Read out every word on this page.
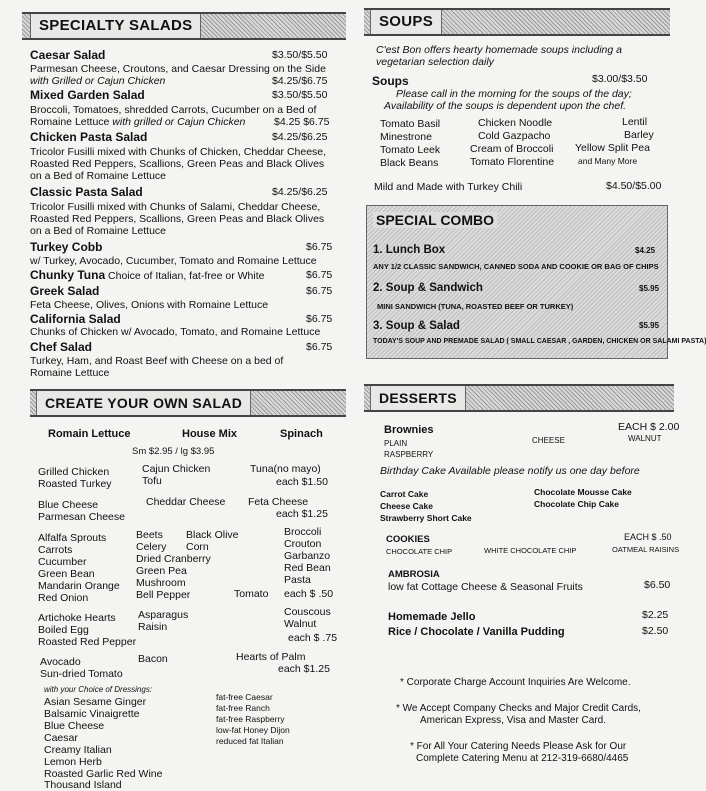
SPECIALTY SALADS
Caesar Salad	$3.50/$5.50
Parmesan Cheese, Croutons, and Caesar Dressing on the Side
with Grilled or Cajun Chicken	$4.25/$6.75
Mixed Garden Salad	$3.50/$5.50
Broccoli, Tomatoes, shredded Carrots, Cucumber on a Bed of
Romaine Lettuce with grilled or Cajun Chicken	$4.25 $6.75
Chicken Pasta Salad	$4.25/$6.25
Tricolor Fusilli mixed with Chunks of Chicken, Cheddar Cheese,
Roasted Red Peppers, Scallions, Green Peas and Black Olives
on a Bed of Romaine Lettuce
Classic Pasta Salad	$4.25/$6.25
Tricolor Fusilli mixed with Chunks of Salami, Cheddar Cheese,
Roasted Red Peppers, Scallions, Green Peas and Black Olives
on a Bed of Romaine Lettuce
Turkey Cobb	$6.75
w/ Turkey, Avocado, Cucumber, Tomato and Romaine Lettuce
Chunky Tuna Choice of Italian, fat-free or White	$6.75
Greek Salad	$6.75
Feta Cheese, Olives, Onions with Romaine Lettuce
California Salad	$6.75
Chunks of Chicken w/ Avocado, Tomato, and Romaine Lettuce
Chef Salad	$6.75
Turkey, Ham, and Roast Beef with Cheese on a bed of
Romaine Lettuce
CREATE YOUR OWN SALAD
Romain Lettuce	House Mix	Spinach
Sm $2.95 / lg $3.95
Grilled Chicken
Roasted Turkey
Cajun Chicken
Tofu
Tuna(no mayo)
each $1.50
Blue Cheese
Parmesan Cheese
Cheddar Cheese Feta Cheese
each $1.25
Alfalfa Sprouts
Carrots
Cucumber
Green Bean
Mandarin Orange
Red Onion
Beets
Celery
Dried Cranberry
Green Pea
Mushroom
Bell Pepper
Black Olive
Corn
Broccoli
Crouton
Garbanzo
Red Bean
Pasta
Tomato each $ .50
Artichoke Hearts
Boiled Egg
Roasted Red Pepper
Asparagus
Raisin
Couscous
Walnut
each $ .75
Avocado
Sun-dried Tomato
Bacon	Hearts of Palm
each $1.25
with your Choice of Dressings:
Asian Sesame Ginger
Balsamic Vinaigrette
Blue Cheese
Caesar
Creamy Italian
Lemon Herb
Roasted Garlic Red Wine
Thousand Island
fat-free Caesar
fat-free Ranch
fat-free Raspberry
low-fat Honey Dijon
reduced fat Italian
SOUPS
C'est Bon offers hearty homemade soups including a
vegetarian selection daily
Soups	$3.00/$3.50
Please call in the morning for the soups of the day;
Availability of the soups is dependent upon the chef.
Tomato Basil
Minestrone
Tomato Leek
Black Beans
Chicken Noodle
Cold Gazpacho
Cream of Broccoli
Tomato Florentine
Lentil
Barley
Yellow Split Pea
and Many More
Mild and Made with Turkey Chili	$4.50/$5.00
SPECIAL COMBO
1. Lunch Box	$4.25
ANY 1/2 CLASSIC SANDWICH, CANNED SODA AND COOKIE OR BAG OF CHIPS
2. Soup & Sandwich	$5.95
MINI SANDWICH (TUNA, ROASTED BEEF OR TURKEY)
3. Soup & Salad	$5.95
TODAY'S SOUP AND PREMADE SALAD ( SMALL CAESAR , GARDEN, CHICKEN OR SALAMI PASTA)
DESSERTS
Brownies	EACH $ 2.00
PLAIN	CHEESE	WALNUT
RASPBERRY
Birthday Cake Available please notify us one day before
Carrot Cake
Cheese Cake
Strawberry Short Cake
Chocolate Mousse Cake
Chocolate Chip Cake
COOKIES	EACH $ .50
CHOCOLATE CHIP	WHITE CHOCOLATE CHIP	OATMEAL RAISINS
AMBROSIA
low fat Cottage Cheese & Seasonal Fruits	$6.50
Homemade Jello	$2.25
Rice / Chocolate / Vanilla Pudding	$2.50
* Corporate Charge Account Inquiries Are Welcome.
* We Accept Company Checks and Major Credit Cards,
American Express, Visa and Master Card.
* For All Your Catering Needs Please Ask for Our
Complete Catering Menu at 212-319-6680/4465
